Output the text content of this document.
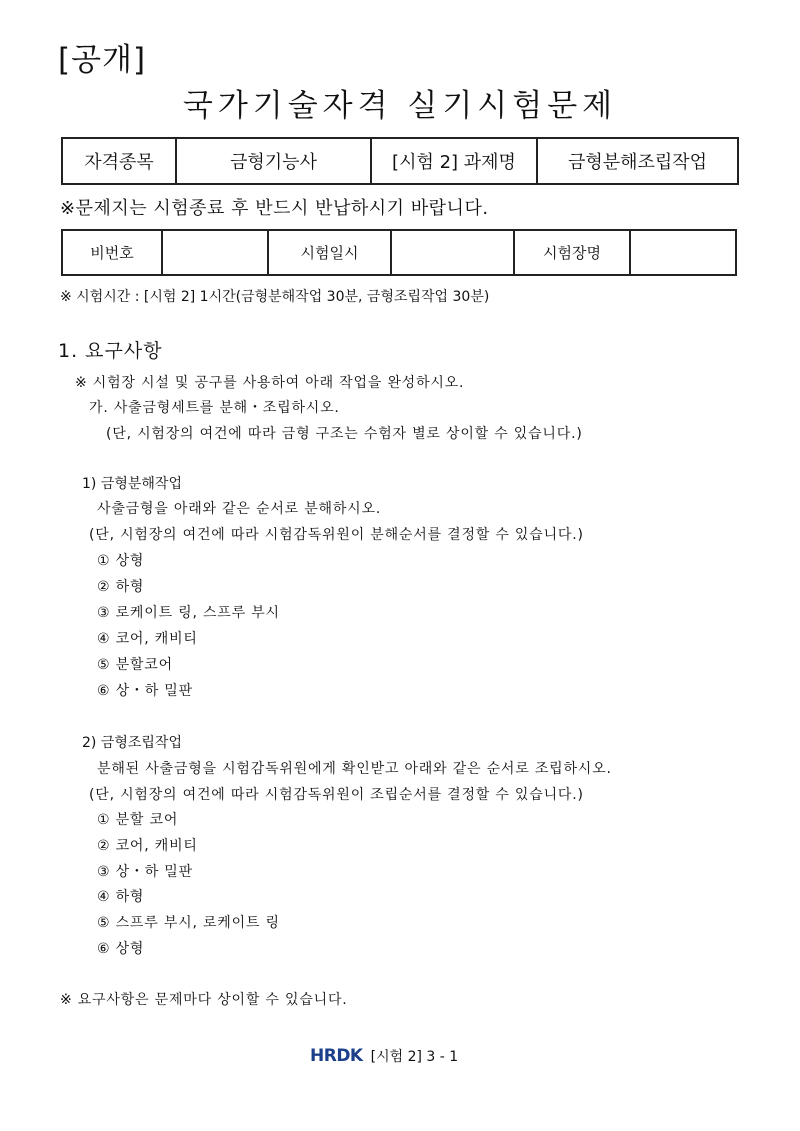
[공개]
국가기술자격 실기시험문제
자격종목	금형기능사	[시험 2] 과제명	금형분해조립작업
※문제지는 시험종료 후 반드시 반납하시기 바랍니다.
비번호		시험일시		시험장명	
※ 시험시간 : [시험 2] 1시간(금형분해작업 30분, 금형조립작업 30분)
1. 요구사항
※ 시험장 시설 및 공구를 사용하여 아래 작업을 완성하시오.
가. 사출금형세트를 분해・조립하시오.
(단, 시험장의 여건에 따라 금형 구조는 수험자 별로 상이할 수 있습니다.)
1) 금형분해작업
사출금형을 아래와 같은 순서로 분해하시오.
(단, 시험장의 여건에 따라 시험감독위원이 분해순서를 결정할 수 있습니다.)
① 상형
② 하형
③ 로케이트 링, 스프루 부시
④ 코어, 캐비티
⑤ 분할코어
⑥ 상・하 밀판
2) 금형조립작업
분해된 사출금형을 시험감독위원에게 확인받고 아래와 같은 순서로 조립하시오.
(단, 시험장의 여건에 따라 시험감독위원이 조립순서를 결정할 수 있습니다.)
① 분할 코어
② 코어, 캐비티
③ 상・하 밀판
④ 하형
⑤ 스프루 부시, 로케이트 링
⑥ 상형
※ 요구사항은 문제마다 상이할 수 있습니다.
HRDK [시험 2] 3 - 1
